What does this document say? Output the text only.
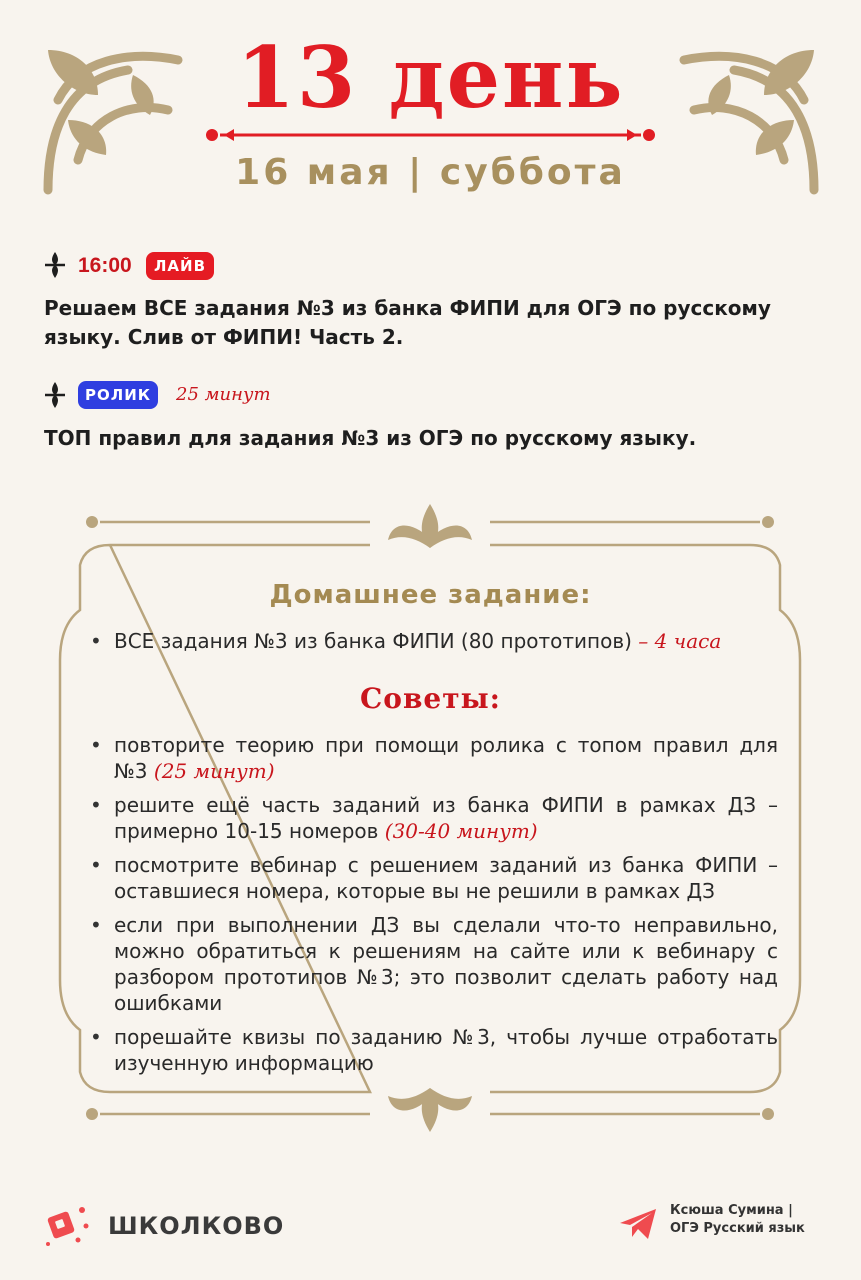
13 день
16 мая | суббота
16:00	ЛАЙВ
Решаем ВСЕ задания №3 из банка ФИПИ для ОГЭ по русскому языку. Слив от ФИПИ! Часть 2.
РОЛИК	25 минут
ТОП правил для задания №3 из ОГЭ по русскому языку.
Домашнее задание:
• ВСЕ задания №3 из банка ФИПИ (80 прототипов) – 4 часа
Советы:
• повторите теорию при помощи ролика с топом правил для №3 (25 минут)
• решите ещё часть заданий из банка ФИПИ в рамках ДЗ – примерно 10-15 номеров (30-40 минут)
• посмотрите вебинар с решением заданий из банка ФИПИ – оставшиеся номера, которые вы не решили в рамках ДЗ
• если при выполнении ДЗ вы сделали что-то неправильно, можно обратиться к решениям на сайте или к вебинару с разбором прототипов №3; это позволит сделать работу над ошибками
• порешайте квизы по заданию №3, чтобы лучше отработать изученную информацию
ШКОЛКОВО
Ксюша Сумина |
ОГЭ Русский язык
